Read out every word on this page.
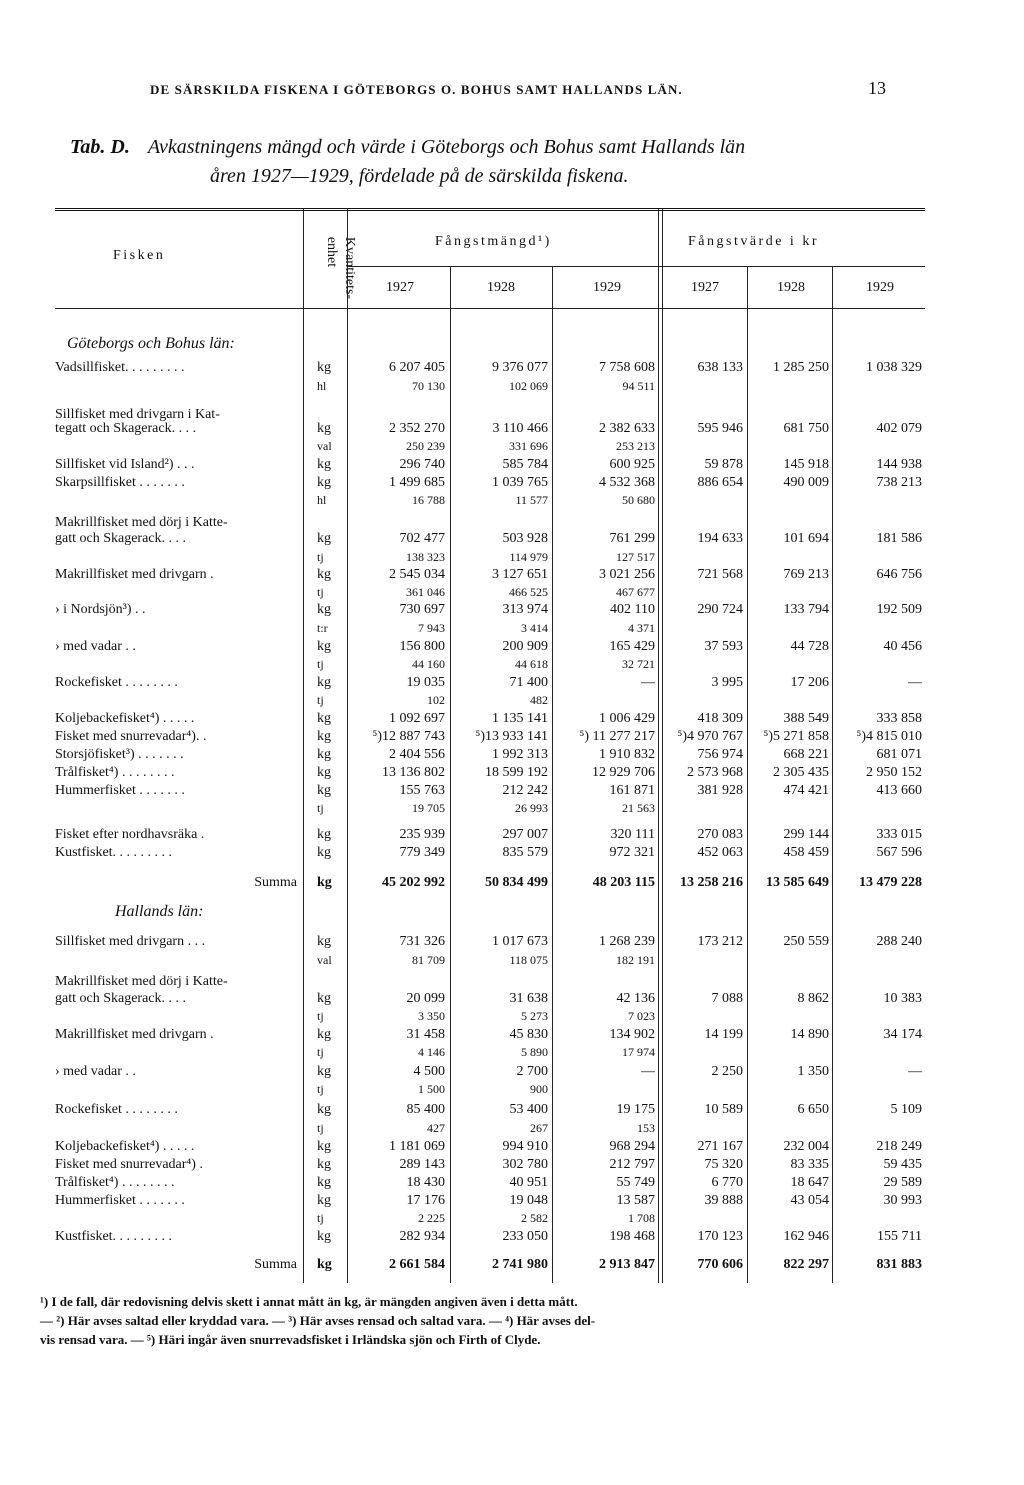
DE SÄRSKILDA FISKENA I GÖTEBORGS O. BOHUS SAMT HALLANDS LÄN.	13
Tab. D. Avkastningens mängd och värde i Göteborgs och Bohus samt Hallands län
åren 1927—1929, fördelade på de särskilda fiskena.
Fisken	Kvantitets-
enhet	Fångstmängd¹)	Fångstvärde i kr
1927	1928	1929	1927	1928	1929
Göteborgs och Bohus län:
Hallands län:
Vadsillfisket. . . . . . . . .	kg	6 207 405	9 376 077	7 758 608	638 133	1 285 250	1 038 329
hl	70 130	102 069	94 511
Sillfisket med drivgarn i Kat-
tegatt och Skagerack. . . .	kg	2 352 270	3 110 466	2 382 633	595 946	681 750	402 079
val	250 239	331 696	253 213
Sillfisket vid Island²) . . .	kg	296 740	585 784	600 925	59 878	145 918	144 938
Skarpsillfisket . . . . . . .	kg	1 499 685	1 039 765	4 532 368	886 654	490 009	738 213
hl	16 788	11 577	50 680
Makrillfisket med dörj i Katte-
gatt och Skagerack. . . .	kg	702 477	503 928	761 299	194 633	101 694	181 586
tj	138 323	114 979	127 517
Makrillfisket med drivgarn .	kg	2 545 034	3 127 651	3 021 256	721 568	769 213	646 756
tj	361 046	466 525	467 677
› i Nordsjön³) . .	kg	730 697	313 974	402 110	290 724	133 794	192 509
t:r	7 943	3 414	4 371
› med vadar . .	kg	156 800	200 909	165 429	37 593	44 728	40 456
tj	44 160	44 618	32 721
Rockefisket . . . . . . . .	kg	19 035	71 400	—	3 995	17 206	—
tj	102	482
Koljebackefisket⁴) . . . . .	kg	1 092 697	1 135 141	1 006 429	418 309	388 549	333 858
Fisket med snurrevadar⁴). .	kg	⁵)12 887 743	⁵)13 933 141	⁵) 11 277 217	⁵)4 970 767	⁵)5 271 858	⁵)4 815 010
Storsjöfisket³) . . . . . . .	kg	2 404 556	1 992 313	1 910 832	756 974	668 221	681 071
Trålfisket⁴) . . . . . . . .	kg	13 136 802	18 599 192	12 929 706	2 573 968	2 305 435	2 950 152
Hummerfisket . . . . . . .	kg	155 763	212 242	161 871	381 928	474 421	413 660
tj	19 705	26 993	21 563
Fisket efter nordhavsräka .	kg	235 939	297 007	320 111	270 083	299 144	333 015
Kustfisket. . . . . . . . .	kg	779 349	835 579	972 321	452 063	458 459	567 596
Summa kg	45 202 992	50 834 499	48 203 115	13 258 216	13 585 649	13 479 228
Sillfisket med drivgarn . . .	kg	731 326	1 017 673	1 268 239	173 212	250 559	288 240
val	81 709	118 075	182 191
Makrillfisket med dörj i Katte-
gatt och Skagerack. . . .	kg	20 099	31 638	42 136	7 088	8 862	10 383
tj	3 350	5 273	7 023
Makrillfisket med drivgarn .	kg	31 458	45 830	134 902	14 199	14 890	34 174
tj	4 146	5 890	17 974
› med vadar . .	kg	4 500	2 700	—	2 250	1 350	—
tj	1 500	900
Rockefisket . . . . . . . .	kg	85 400	53 400	19 175	10 589	6 650	5 109
tj	427	267	153
Koljebackefisket⁴) . . . . .	kg	1 181 069	994 910	968 294	271 167	232 004	218 249
Fisket med snurrevadar⁴) .	kg	289 143	302 780	212 797	75 320	83 335	59 435
Trålfisket⁴) . . . . . . . .	kg	18 430	40 951	55 749	6 770	18 647	29 589
Hummerfisket . . . . . . .	kg	17 176	19 048	13 587	39 888	43 054	30 993
tj	2 225	2 582	1 708
Kustfisket. . . . . . . . .	kg	282 934	233 050	198 468	170 123	162 946	155 711
Summa kg	2 661 584	2 741 980	2 913 847	770 606	822 297	831 883

¹) I de fall, där redovisning delvis skett i annat mått än kg, är mängden angiven även i detta mått.

— ²) Här avses saltad eller kryddad vara. — ³) Här avses rensad och saltad vara. — ⁴) Här avses del-

vis rensad vara. — ⁵) Häri ingår även snurrevadsfisket i Irländska sjön och Firth of Clyde.
